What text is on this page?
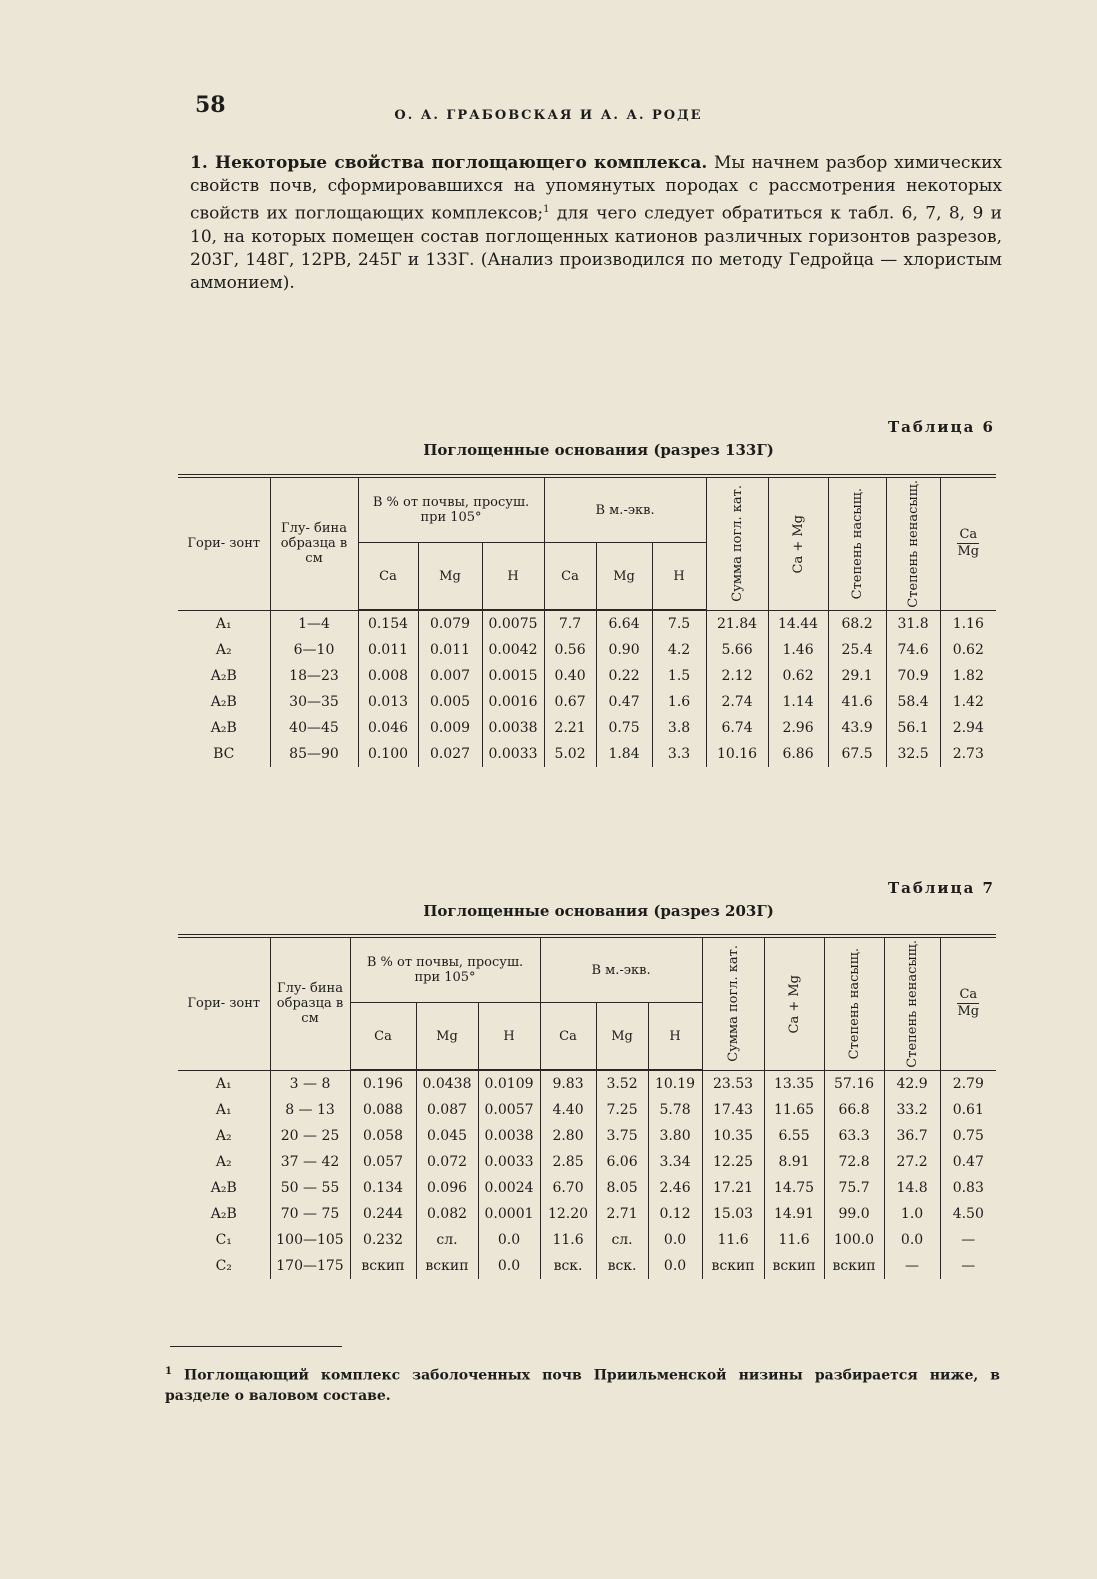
58	О. А. ГРАБОВСКАЯ И А. А. РОДЕ

1. Некоторые свойства поглощающего комплекса. Мы начнем разбор химических свойств почв, сформировавшихся на упомянутых породах с рассмотрения некоторых свойств их поглощающих комплексов;$^1$ для чего следует обратиться к табл. 6, 7, 8, 9 и 10, на которых помещен состав поглощенных катионов различных горизонтов разрезов, 203Г, 148Г, 12РВ, 245Г и 133Г. (Анализ производился по методу Гедройца — хлористым аммонием).

Таблица 6
Поглощенные основания (разрез 133Г)
Гори- зонт	Глу- бина образца в см	В % от почвы, просуш. при 105°			В м.-экв.			Сумма погл. кат.	Ca + Mg	Степень насыщ.	Степень ненасыщ.	$\frac{Ca}{Mg}$
		Ca	Mg	H	Ca	Mg	H					
A₁	1—4	0.154	0.079	0.0075	7.7	6.64	7.5	21.84	14.44	68.2	31.8	1.16
A₂	6—10	0.011	0.011	0.0042	0.56	0.90	4.2	5.66	1.46	25.4	74.6	0.62
A₂B	18—23	0.008	0.007	0.0015	0.40	0.22	1.5	2.12	0.62	29.1	70.9	1.82
A₂B	30—35	0.013	0.005	0.0016	0.67	0.47	1.6	2.74	1.14	41.6	58.4	1.42
A₂B	40—45	0.046	0.009	0.0038	2.21	0.75	3.8	6.74	2.96	43.9	56.1	2.94
BC	85—90	0.100	0.027	0.0033	5.02	1.84	3.3	10.16	6.86	67.5	32.5	2.73
Таблица 7
Поглощенные основания (разрез 203Г)
Гори- зонт	Глу- бина образца в см	В % от почвы, просуш. при 105°			В м.-экв.			Сумма погл. кат.	Ca + Mg	Степень насыщ.	Степень ненасыщ.	$\frac{Ca}{Mg}$
		Ca	Mg	H	Ca	Mg	H					
A₁	3 — 8	0.196	0.0438	0.0109	9.83	3.52	10.19	23.53	13.35	57.16	42.9	2.79
A₁	8 — 13	0.088	0.087	0.0057	4.40	7.25	5.78	17.43	11.65	66.8	33.2	0.61
A₂	20 — 25	0.058	0.045	0.0038	2.80	3.75	3.80	10.35	6.55	63.3	36.7	0.75
A₂	37 — 42	0.057	0.072	0.0033	2.85	6.06	3.34	12.25	8.91	72.8	27.2	0.47
A₂B	50 — 55	0.134	0.096	0.0024	6.70	8.05	2.46	17.21	14.75	75.7	14.8	0.83
A₂B	70 — 75	0.244	0.082	0.0001	12.20	2.71	0.12	15.03	14.91	99.0	1.0	4.50
C₁	100—105	0.232	сл.	0.0	11.6	сл.	0.0	11.6	11.6	100.0	0.0	—
C₂	170—175	вскип	вскип	0.0	вск.	вск.	0.0	вскип	вскип	вскип	—	—

$^1$ Поглощающий комплекс заболоченных почв Приильменской низины разбирается ниже, в разделе о валовом составе.
